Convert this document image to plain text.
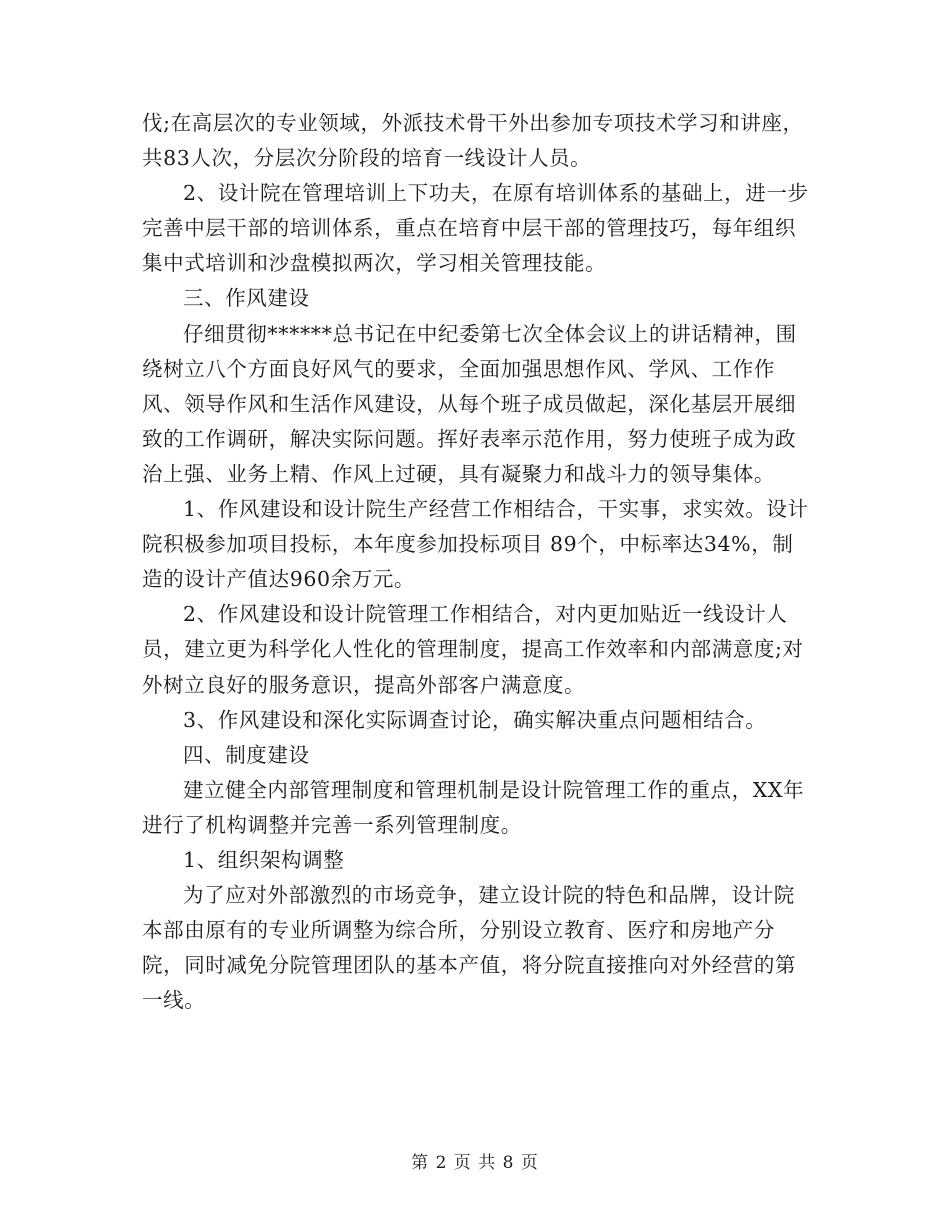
伐;在高层次的专业领域，外派技术骨干外出参加专项技术学习和讲座，共83人次，分层次分阶段的培育一线设计人员。

2、设计院在管理培训上下功夫，在原有培训体系的基础上，进一步完善中层干部的培训体系，重点在培育中层干部的管理技巧，每年组织集中式培训和沙盘模拟两次，学习相关管理技能。

三、作风建设

仔细贯彻******总书记在中纪委第七次全体会议上的讲话精神，围绕树立八个方面良好风气的要求，全面加强思想作风、学风、工作作风、领导作风和生活作风建设，从每个班子成员做起，深化基层开展细致的工作调研，解决实际问题。挥好表率示范作用，努力使班子成为政治上强、业务上精、作风上过硬，具有凝聚力和战斗力的领导集体。

1、作风建设和设计院生产经营工作相结合，干实事，求实效。设计院积极参加项目投标，本年度参加投标项目 89个，中标率达34%，制造的设计产值达960余万元。

2、作风建设和设计院管理工作相结合，对内更加贴近一线设计人员，建立更为科学化人性化的管理制度，提高工作效率和内部满意度;对外树立良好的服务意识，提高外部客户满意度。

3、作风建设和深化实际调查讨论，确实解决重点问题相结合。

四、制度建设

建立健全内部管理制度和管理机制是设计院管理工作的重点，XX年进行了机构调整并完善一系列管理制度。

1、组织架构调整

为了应对外部激烈的市场竞争，建立设计院的特色和品牌，设计院本部由原有的专业所调整为综合所，分别设立教育、医疗和房地产分院，同时减免分院管理团队的基本产值，将分院直接推向对外经营的第一线。

第 2 页 共 8 页
